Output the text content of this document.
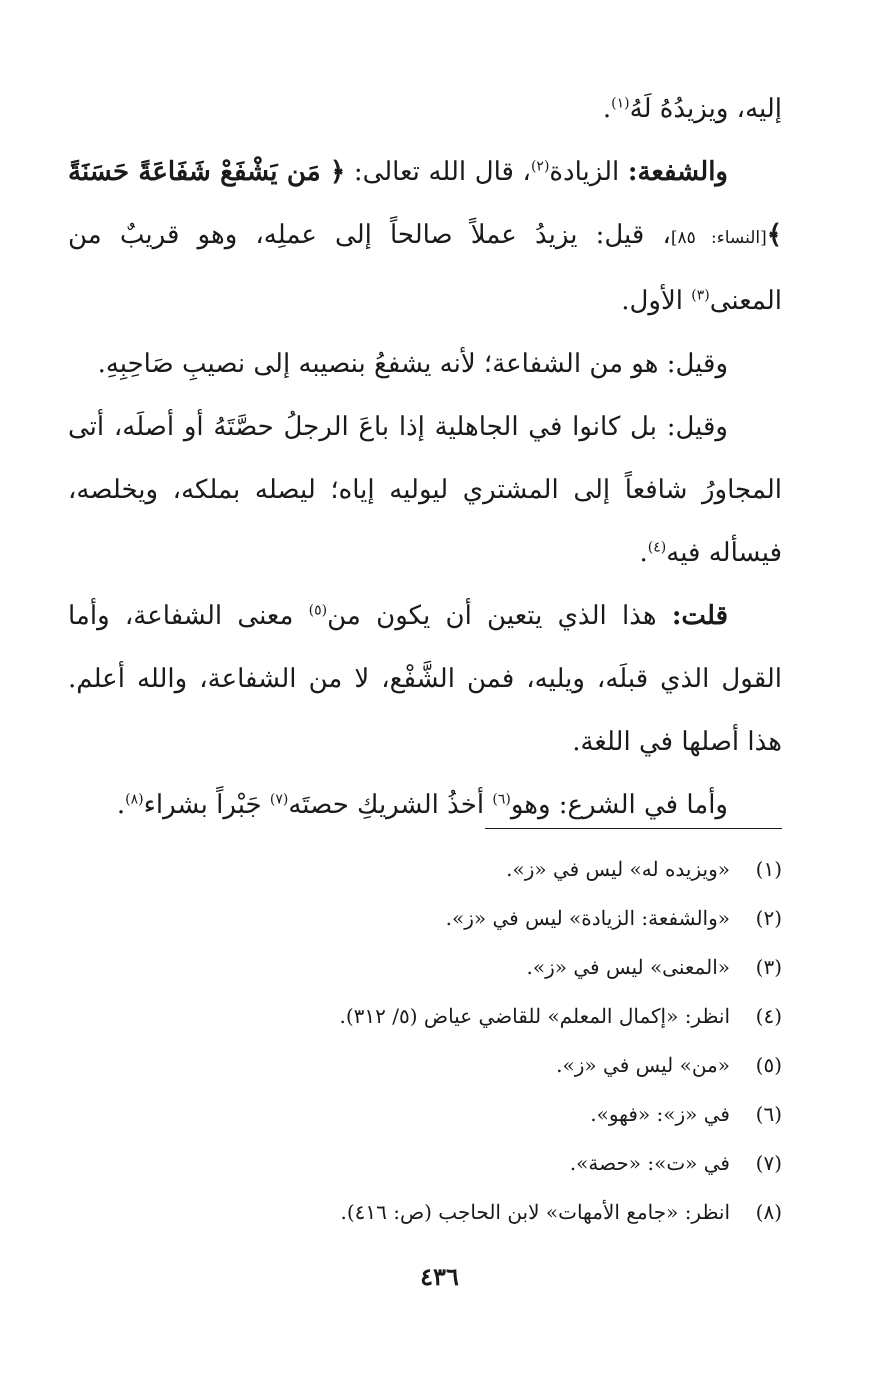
إليه، ويزيدُهُ لَهُ$^{(١)}$.

والشفعة: الزيادة$^{(٢)}$، قال الله تعالى: ﴿ مَن يَشْفَعْ شَفَاعَةً حَسَنَةً ﴾[النساء: ٨٥]، قيل: يزيدُ عملاً صالحاً إلى عملِه، وهو قريبٌ من المعنى$^{(٣)}$ الأول.

وقيل: هو من الشفاعة؛ لأنه يشفعُ بنصيبه إلى نصيبِ صَاحِبِهِ.

وقيل: بل كانوا في الجاهلية إذا باعَ الرجلُ حصَّتَهُ أو أصلَه، أتى المجاورُ شافعاً إلى المشتري ليوليه إياه؛ ليصله بملكه، ويخلصه، فيسأله فيه$^{(٤)}$.

قلت: هذا الذي يتعين أن يكون من$^{(٥)}$ معنى الشفاعة، وأما القول الذي قبلَه، ويليه، فمن الشَّفْع، لا من الشفاعة، والله أعلم. هذا أصلها في اللغة.

وأما في الشرع: وهو$^{(٦)}$ أخذُ الشريكِ حصتَه$^{(٧)}$ جَبْراً بشراء$^{(٨)}$.

(١)
«ويزيده له» ليس في «ز».
(٢)
«والشفعة: الزيادة» ليس في «ز».
(٣)
«المعنى» ليس في «ز».
(٤)
انظر: «إكمال المعلم» للقاضي عياض (٥/ ٣١٢).
(٥)
«من» ليس في «ز».
(٦)
في «ز»: «فهو».
(٧)
في «ت»: «حصة».
(٨)
انظر: «جامع الأمهات» لابن الحاجب (ص: ٤١٦).
٤٣٦
